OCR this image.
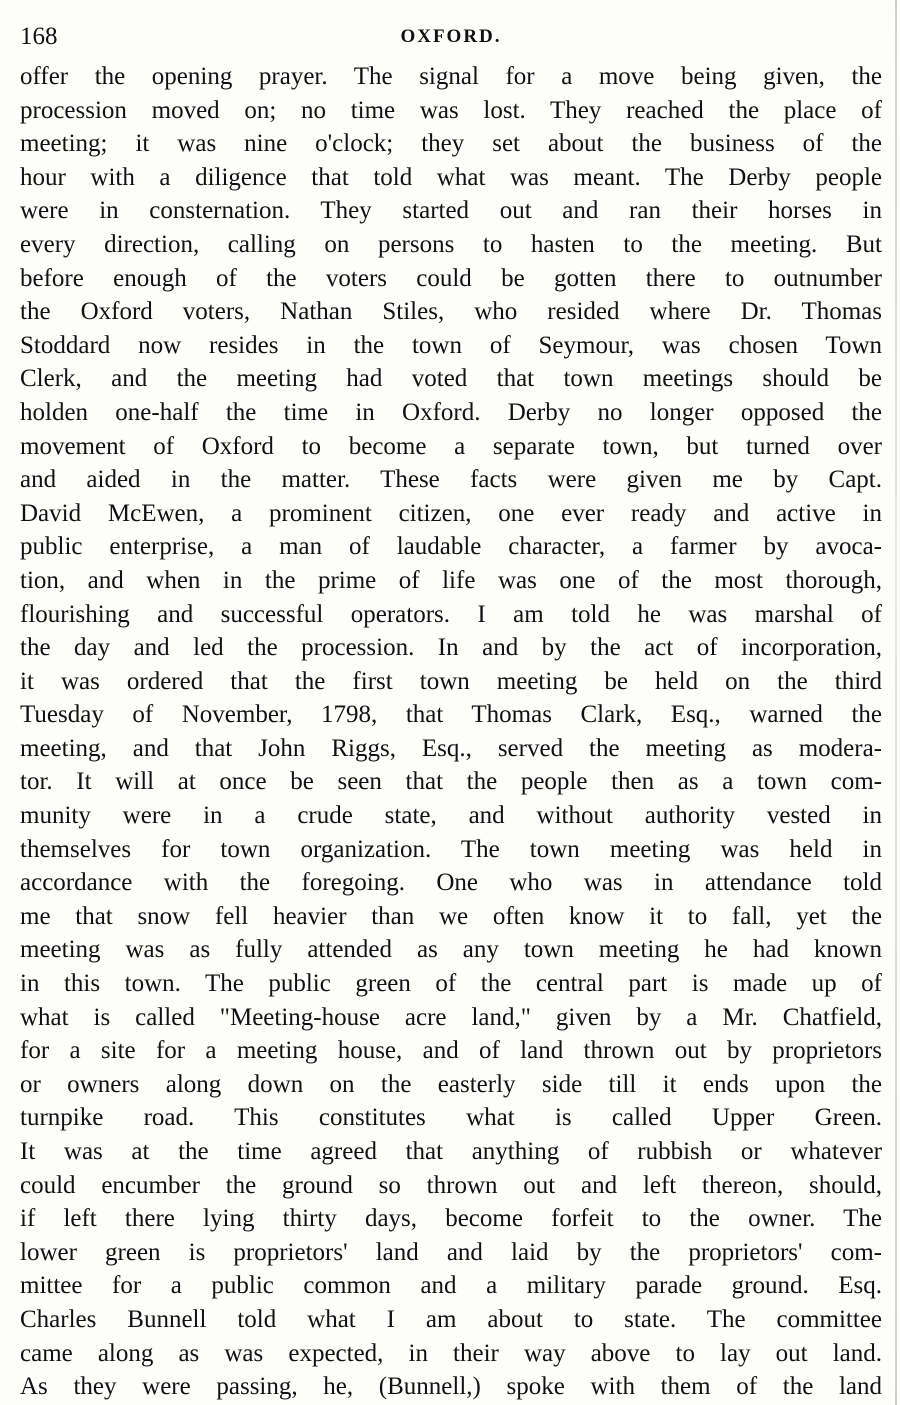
168	OXFORD.
offer the opening prayer. The signal for a move being given, the
procession moved on; no time was lost. They reached the place of
meeting; it was nine o'clock; they set about the business of the
hour with a diligence that told what was meant. The Derby people
were in consternation. They started out and ran their horses in
every direction, calling on persons to hasten to the meeting. But
before enough of the voters could be gotten there to outnumber
the Oxford voters, Nathan Stiles, who resided where Dr. Thomas
Stoddard now resides in the town of Seymour, was chosen Town
Clerk, and the meeting had voted that town meetings should be
holden one-half the time in Oxford. Derby no longer opposed the
movement of Oxford to become a separate town, but turned over
and aided in the matter. These facts were given me by Capt.
David McEwen, a prominent citizen, one ever ready and active in
public enterprise, a man of laudable character, a farmer by avoca-
tion, and when in the prime of life was one of the most thorough,
flourishing and successful operators. I am told he was marshal of
the day and led the procession. In and by the act of incorporation,
it was ordered that the first town meeting be held on the third
Tuesday of November, 1798, that Thomas Clark, Esq., warned the
meeting, and that John Riggs, Esq., served the meeting as modera-
tor. It will at once be seen that the people then as a town com-
munity were in a crude state, and without authority vested in
themselves for town organization. The town meeting was held in
accordance with the foregoing. One who was in attendance told
me that snow fell heavier than we often know it to fall, yet the
meeting was as fully attended as any town meeting he had known
in this town. The public green of the central part is made up of
what is called "Meeting-house acre land," given by a Mr. Chatfield,
for a site for a meeting house, and of land thrown out by proprietors
or owners along down on the easterly side till it ends upon the
turnpike road. This constitutes what is called Upper Green.
It was at the time agreed that anything of rubbish or whatever
could encumber the ground so thrown out and left thereon, should,
if left there lying thirty days, become forfeit to the owner. The
lower green is proprietors' land and laid by the proprietors' com-
mittee for a public common and a military parade ground. Esq.
Charles Bunnell told what I am about to state. The committee
came along as was expected, in their way above to lay out land.
As they were passing, he, (Bunnell,) spoke with them of the land
